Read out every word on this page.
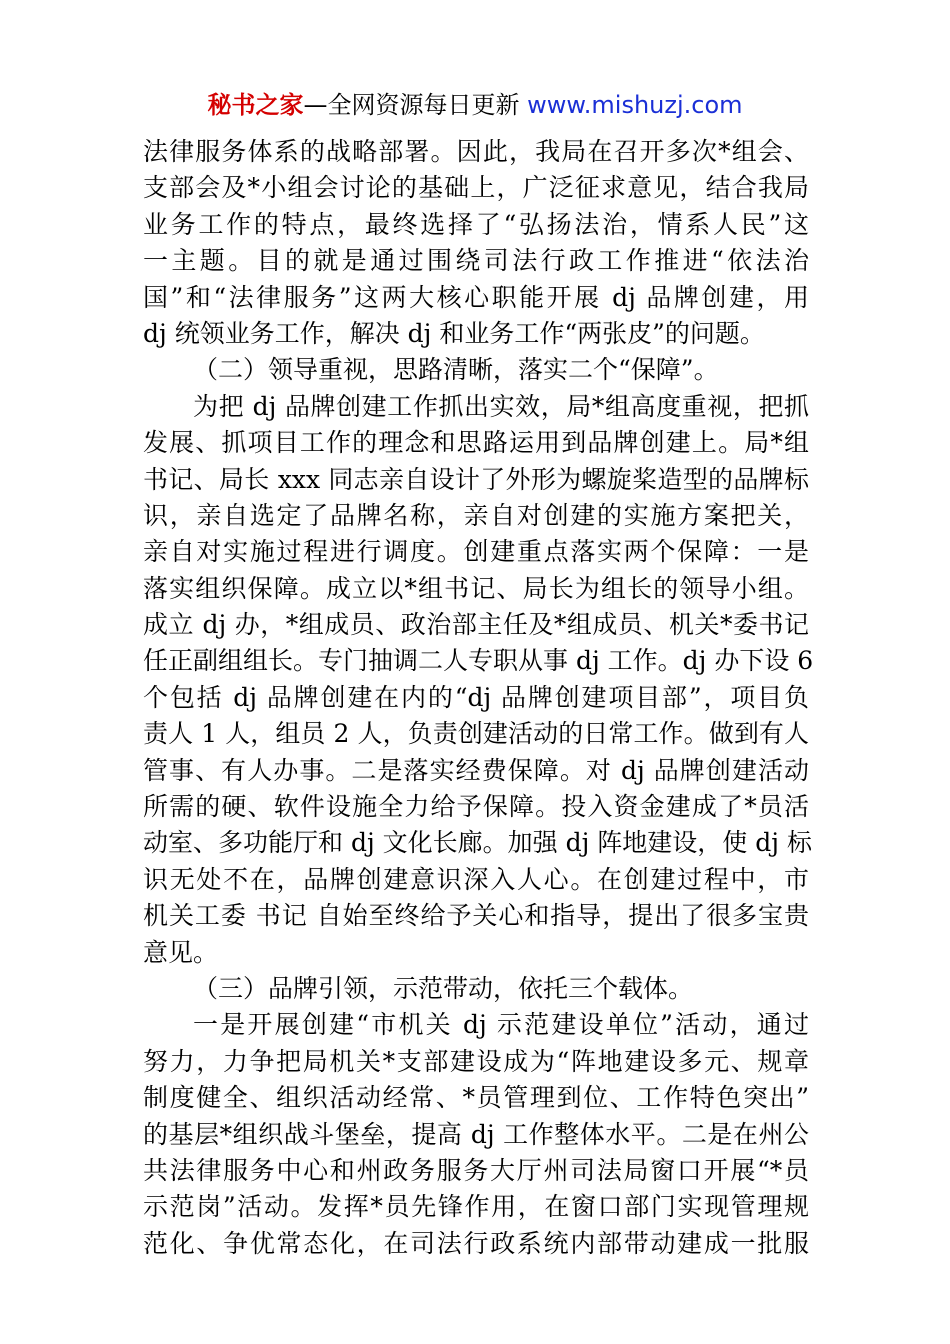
秘书之家—全网资源每日更新 www.mishuzj.com
法律服务体系的战略部署。因此，我局在召开多次*组会、
支部会及*小组会讨论的基础上，广泛征求意见，结合我局
业务工作的特点，最终选择了“弘扬法治，情系人民”这
一主题。目的就是通过围绕司法行政工作推进“依法治
国”和“法律服务”这两大核心职能开展 dj 品牌创建，用
dj 统领业务工作，解决 dj 和业务工作“两张皮”的问题。
（二）领导重视，思路清晰，落实二个“保障”。
为把 dj 品牌创建工作抓出实效，局*组高度重视，把抓
发展、抓项目工作的理念和思路运用到品牌创建上。局*组
书记、局长 xxx 同志亲自设计了外形为螺旋桨造型的品牌标
识，亲自选定了品牌名称，亲自对创建的实施方案把关，
亲自对实施过程进行调度。创建重点落实两个保障：一是
落实组织保障。成立以*组书记、局长为组长的领导小组。
成立 dj 办，*组成员、政治部主任及*组成员、机关*委书记
任正副组组长。专门抽调二人专职从事 dj 工作。dj 办下设 6
个包括 dj 品牌创建在内的“dj 品牌创建项目部”，项目负
责人 1 人，组员 2 人，负责创建活动的日常工作。做到有人
管事、有人办事。二是落实经费保障。对 dj 品牌创建活动
所需的硬、软件设施全力给予保障。投入资金建成了*员活
动室、多功能厅和 dj 文化长廊。加强 dj 阵地建设，使 dj 标
识无处不在，品牌创建意识深入人心。在创建过程中，市
机关工委 书记 自始至终给予关心和指导，提出了很多宝贵
意见。
（三）品牌引领，示范带动，依托三个载体。
一是开展创建“市机关 dj 示范建设单位”活动，通过
努力，力争把局机关*支部建设成为“阵地建设多元、规章
制度健全、组织活动经常、*员管理到位、工作特色突出”
的基层*组织战斗堡垒，提高 dj 工作整体水平。二是在州公
共法律服务中心和州政务服务大厅州司法局窗口开展“*员
示范岗”活动。发挥*员先锋作用，在窗口部门实现管理规
范化、争优常态化，在司法行政系统内部带动建成一批服
